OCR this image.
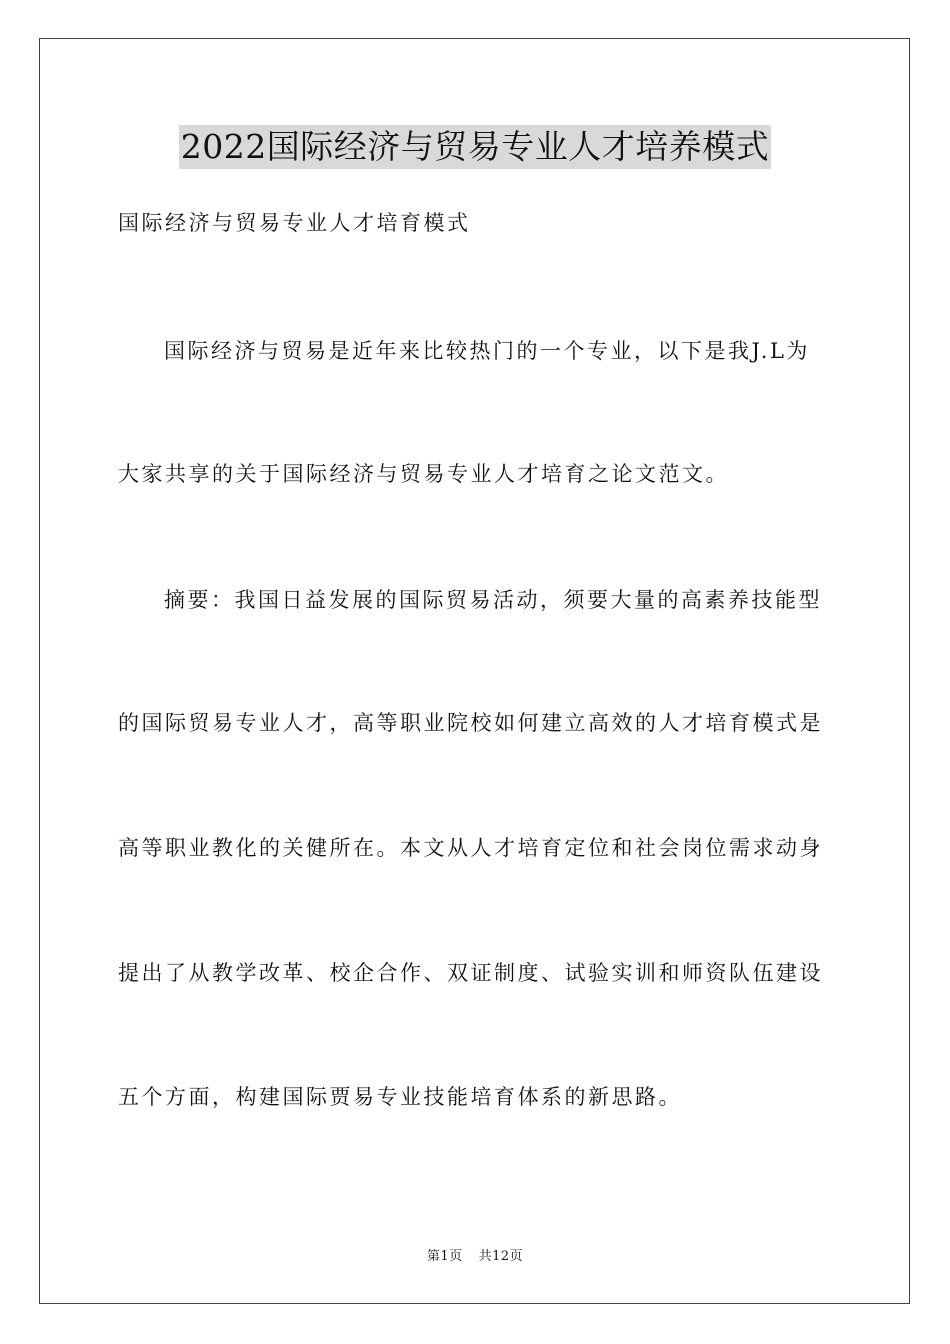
2022国际经济与贸易专业人才培养模式

国际经济与贸易专业人才培育模式

国际经济与贸易是近年来比较热门的一个专业，以下是我J.L为

大家共享的关于国际经济与贸易专业人才培育之论文范文。

摘要：我国日益发展的国际贸易活动，须要大量的高素养技能型

的国际贸易专业人才，高等职业院校如何建立高效的人才培育模式是

高等职业教化的关健所在。本文从人才培育定位和社会岗位需求动身

提出了从教学改革、校企合作、双证制度、试验实训和师资队伍建设

五个方面，构建国际贾易专业技能培育体系的新思路。

第1页 共12页
